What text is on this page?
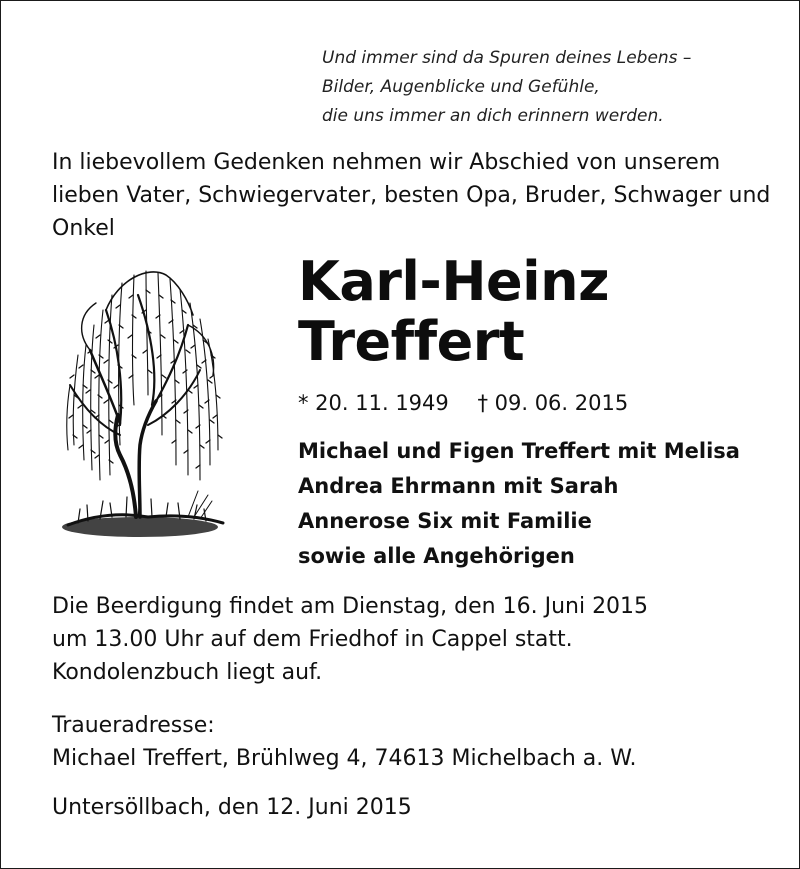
Und immer sind da Spuren deines Lebens –
Bilder, Augenblicke und Gefühle,
die uns immer an dich erinnern werden.
In liebevollem Gedenken nehmen wir Abschied von unserem
lieben Vater, Schwiegervater, besten Opa, Bruder, Schwager und
Onkel
Karl-Heinz
Treffert
* 20. 11. 1949 † 09. 06. 2015
Michael und Figen Treffert mit Melisa
Andrea Ehrmann mit Sarah
Annerose Six mit Familie
sowie alle Angehörigen
Die Beerdigung findet am Dienstag, den 16. Juni 2015
um 13.00 Uhr auf dem Friedhof in Cappel statt.
Kondolenzbuch liegt auf.
Traueradresse:
Michael Treffert, Brühlweg 4, 74613 Michelbach a. W.
Untersöllbach, den 12. Juni 2015
